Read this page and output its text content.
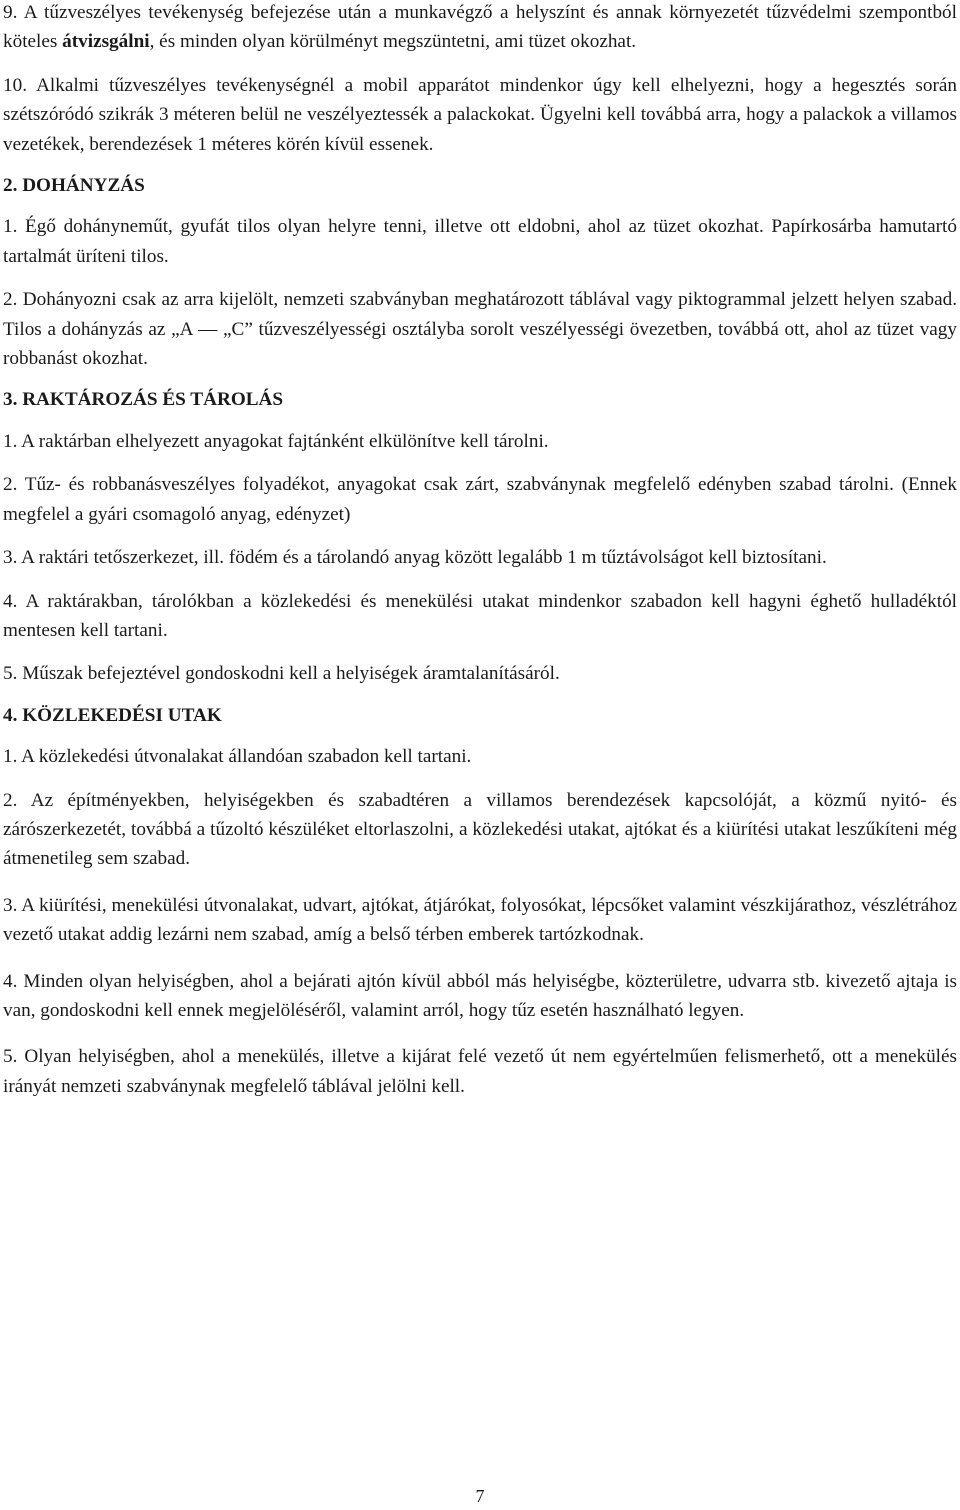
9. A tűzveszélyes tevékenység befejezése után a munkavégző a helyszínt és annak környezetét tűzvédelmi szempontból köteles átvizsgálni, és minden olyan körülményt megszüntetni, ami tüzet okozhat.

10. Alkalmi tűzveszélyes tevékenységnél a mobil apparátot mindenkor úgy kell elhelyezni, hogy a hegesztés során szétszóródó szikrák 3 méteren belül ne veszélyeztessék a palackokat. Ügyelni kell továbbá arra, hogy a palackok a villamos vezetékek, berendezések 1 méteres körén kívül essenek.

2. DOHÁNYZÁS

1. Égő dohányneműt, gyufát tilos olyan helyre tenni, illetve ott eldobni, ahol az tüzet okozhat. Papírkosárba hamutartó tartalmát üríteni tilos.

2. Dohányozni csak az arra kijelölt, nemzeti szabványban meghatározott táblával vagy piktogrammal jelzett helyen szabad. Tilos a dohányzás az „A — „C” tűzveszélyességi osztályba sorolt veszélyességi övezetben, továbbá ott, ahol az tüzet vagy robbanást okozhat.

3. RAKTÁROZÁS ÉS TÁROLÁS

1. A raktárban elhelyezett anyagokat fajtánként elkülönítve kell tárolni.

2. Tűz- és robbanásveszélyes folyadékot, anyagokat csak zárt, szabványnak megfelelő edényben szabad tárolni. (Ennek megfelel a gyári csomagoló anyag, edényzet)

3. A raktári tetőszerkezet, ill. födém és a tárolandó anyag között legalább 1 m tűztávolságot kell biztosítani.

4. A raktárakban, tárolókban a közlekedési és menekülési utakat mindenkor szabadon kell hagyni éghető hulladéktól mentesen kell tartani.

5. Műszak befejeztével gondoskodni kell a helyiségek áramtalanításáról.

4. KÖZLEKEDÉSI UTAK

1. A közlekedési útvonalakat állandóan szabadon kell tartani.

2. Az építményekben, helyiségekben és szabadtéren a villamos berendezések kapcsolóját, a közmű nyitó- és zárószerkezetét, továbbá a tűzoltó készüléket eltorlaszolni, a közlekedési utakat, ajtókat és a kiürítési utakat leszűkíteni még átmenetileg sem szabad.

3. A kiürítési, menekülési útvonalakat, udvart, ajtókat, átjárókat, folyosókat, lépcsőket valamint vészkijárathoz, vészlétrához vezető utakat addig lezárni nem szabad, amíg a belső térben emberek tartózkodnak.

4. Minden olyan helyiségben, ahol a bejárati ajtón kívül abból más helyiségbe, közterületre, udvarra stb. kivezető ajtaja is van, gondoskodni kell ennek megjelöléséről, valamint arról, hogy tűz esetén használható legyen.

5. Olyan helyiségben, ahol a menekülés, illetve a kijárat felé vezető út nem egyértelműen felismerhető, ott a menekülés irányát nemzeti szabványnak megfelelő táblával jelölni kell.

7
